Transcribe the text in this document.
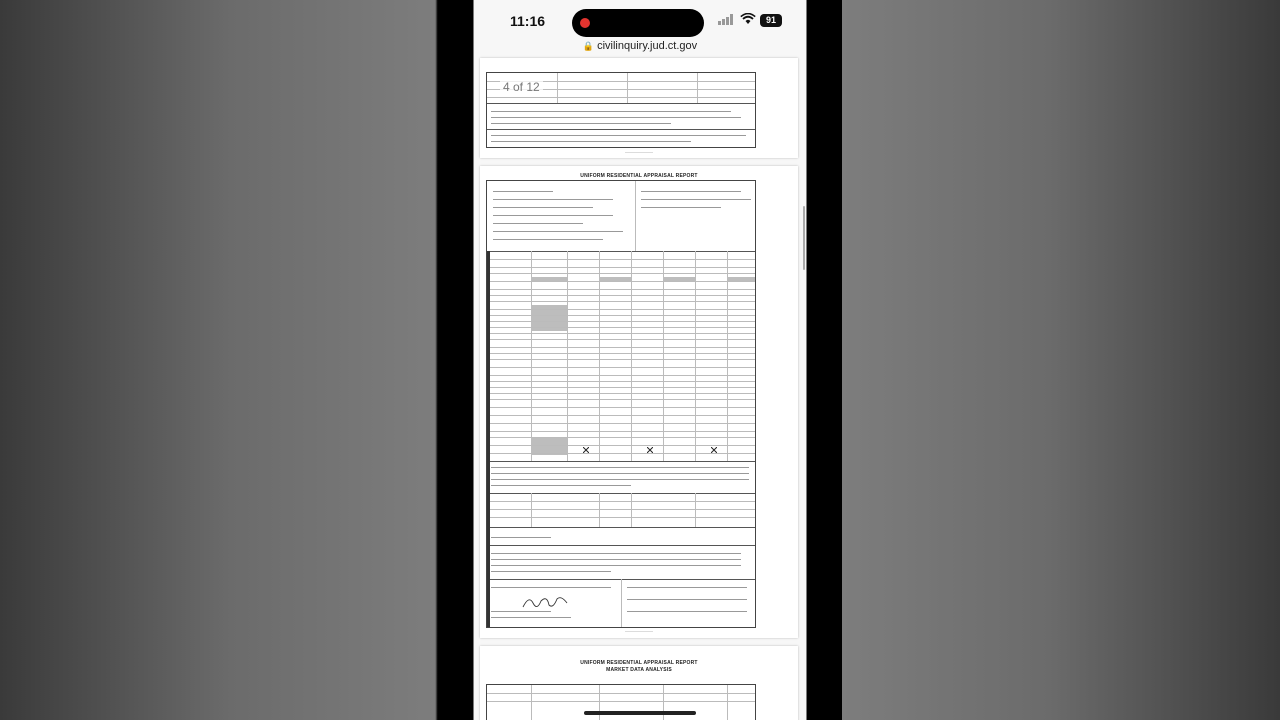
11:16	91
🔒 civilinquiry.jud.ct.gov
4 of 12
————————
UNIFORM RESIDENTIAL APPRAISAL REPORT
————————
UNIFORM RESIDENTIAL APPRAISAL REPORT
MARKET DATA ANALYSIS
